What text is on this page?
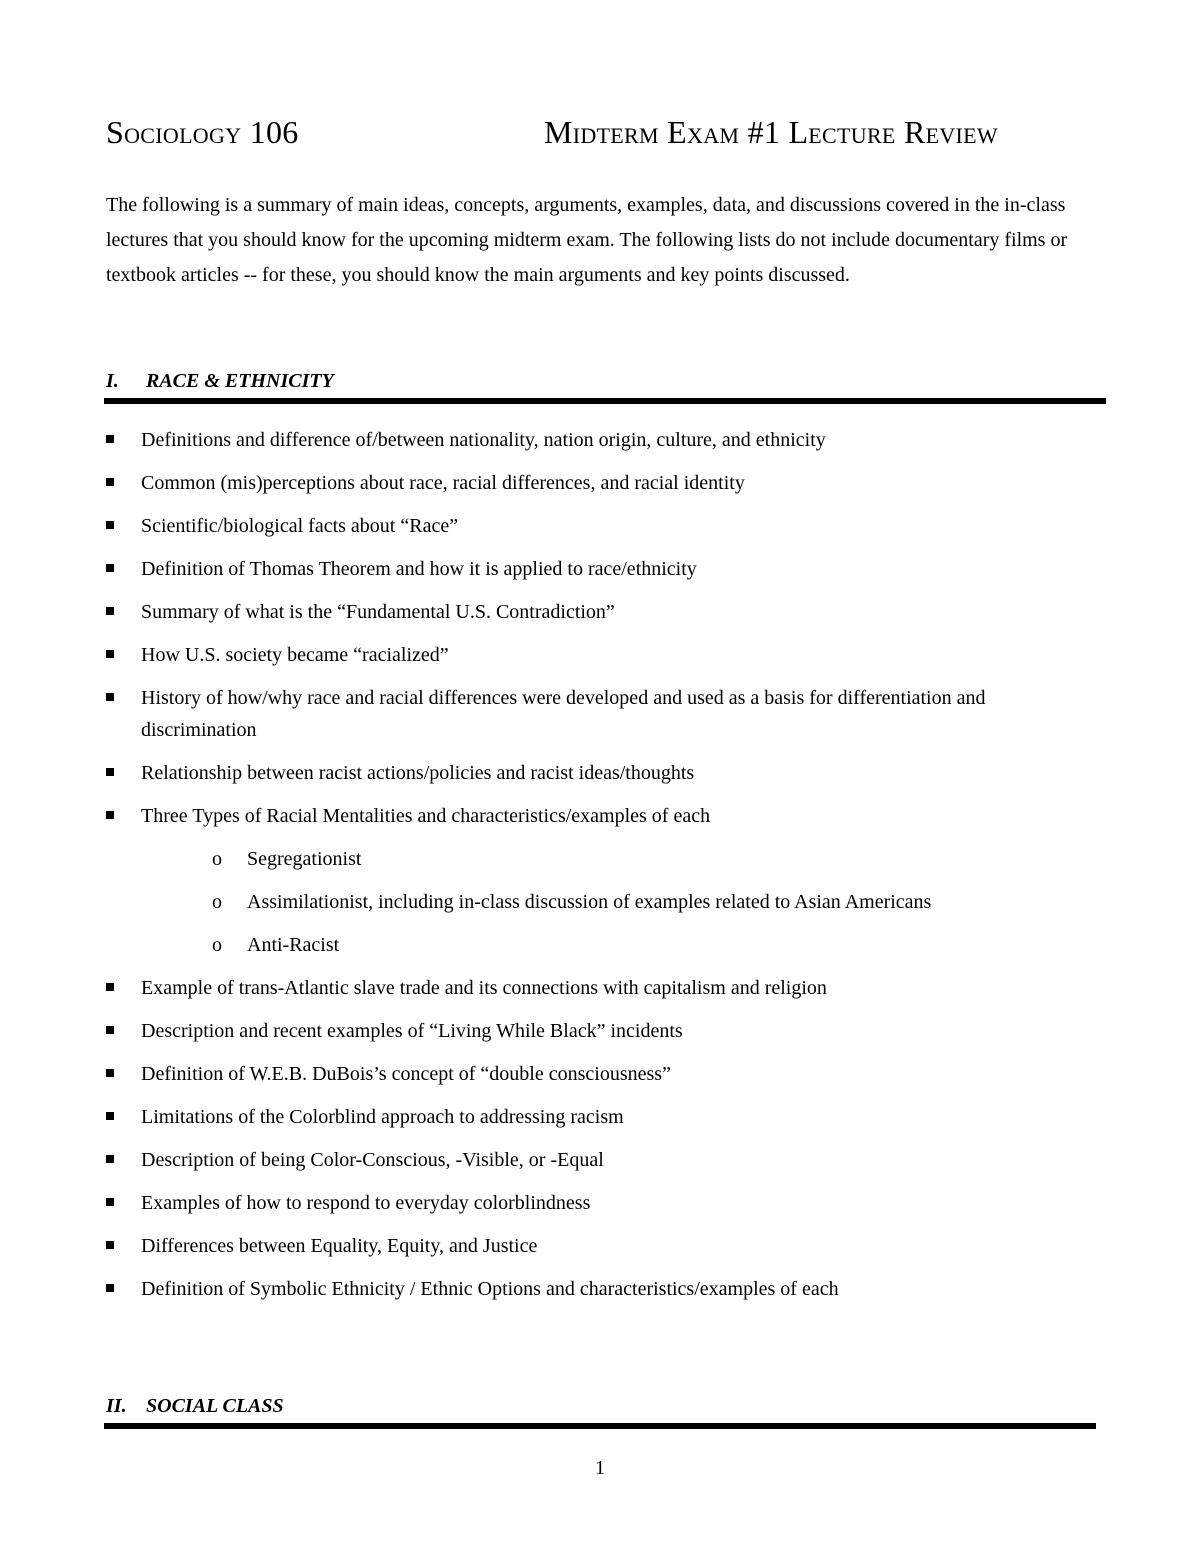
Sociology 106	Midterm Exam #1 Lecture Review
The following is a summary of main ideas, concepts, arguments, examples, data, and discussions covered in the in-class lectures that you should know for the upcoming midterm exam. The following lists do not include documentary films or textbook articles -- for these, you should know the main arguments and key points discussed.
I. RACE & ETHNICITY
Definitions and difference of/between nationality, nation origin, culture, and ethnicity
Common (mis)perceptions about race, racial differences, and racial identity
Scientific/biological facts about “Race”
Definition of Thomas Theorem and how it is applied to race/ethnicity
Summary of what is the “Fundamental U.S. Contradiction”
How U.S. society became “racialized”
History of how/why race and racial differences were developed and used as a basis for differentiation and discrimination
Relationship between racist actions/policies and racist ideas/thoughts
Three Types of Racial Mentalities and characteristics/examples of each
o Segregationist
o Assimilationist, including in-class discussion of examples related to Asian Americans
o Anti-Racist
Example of trans-Atlantic slave trade and its connections with capitalism and religion
Description and recent examples of “Living While Black” incidents
Definition of W.E.B. DuBois’s concept of “double consciousness”
Limitations of the Colorblind approach to addressing racism
Description of being Color-Conscious, -Visible, or -Equal
Examples of how to respond to everyday colorblindness
Differences between Equality, Equity, and Justice
Definition of Symbolic Ethnicity / Ethnic Options and characteristics/examples of each
II. SOCIAL CLASS
1
